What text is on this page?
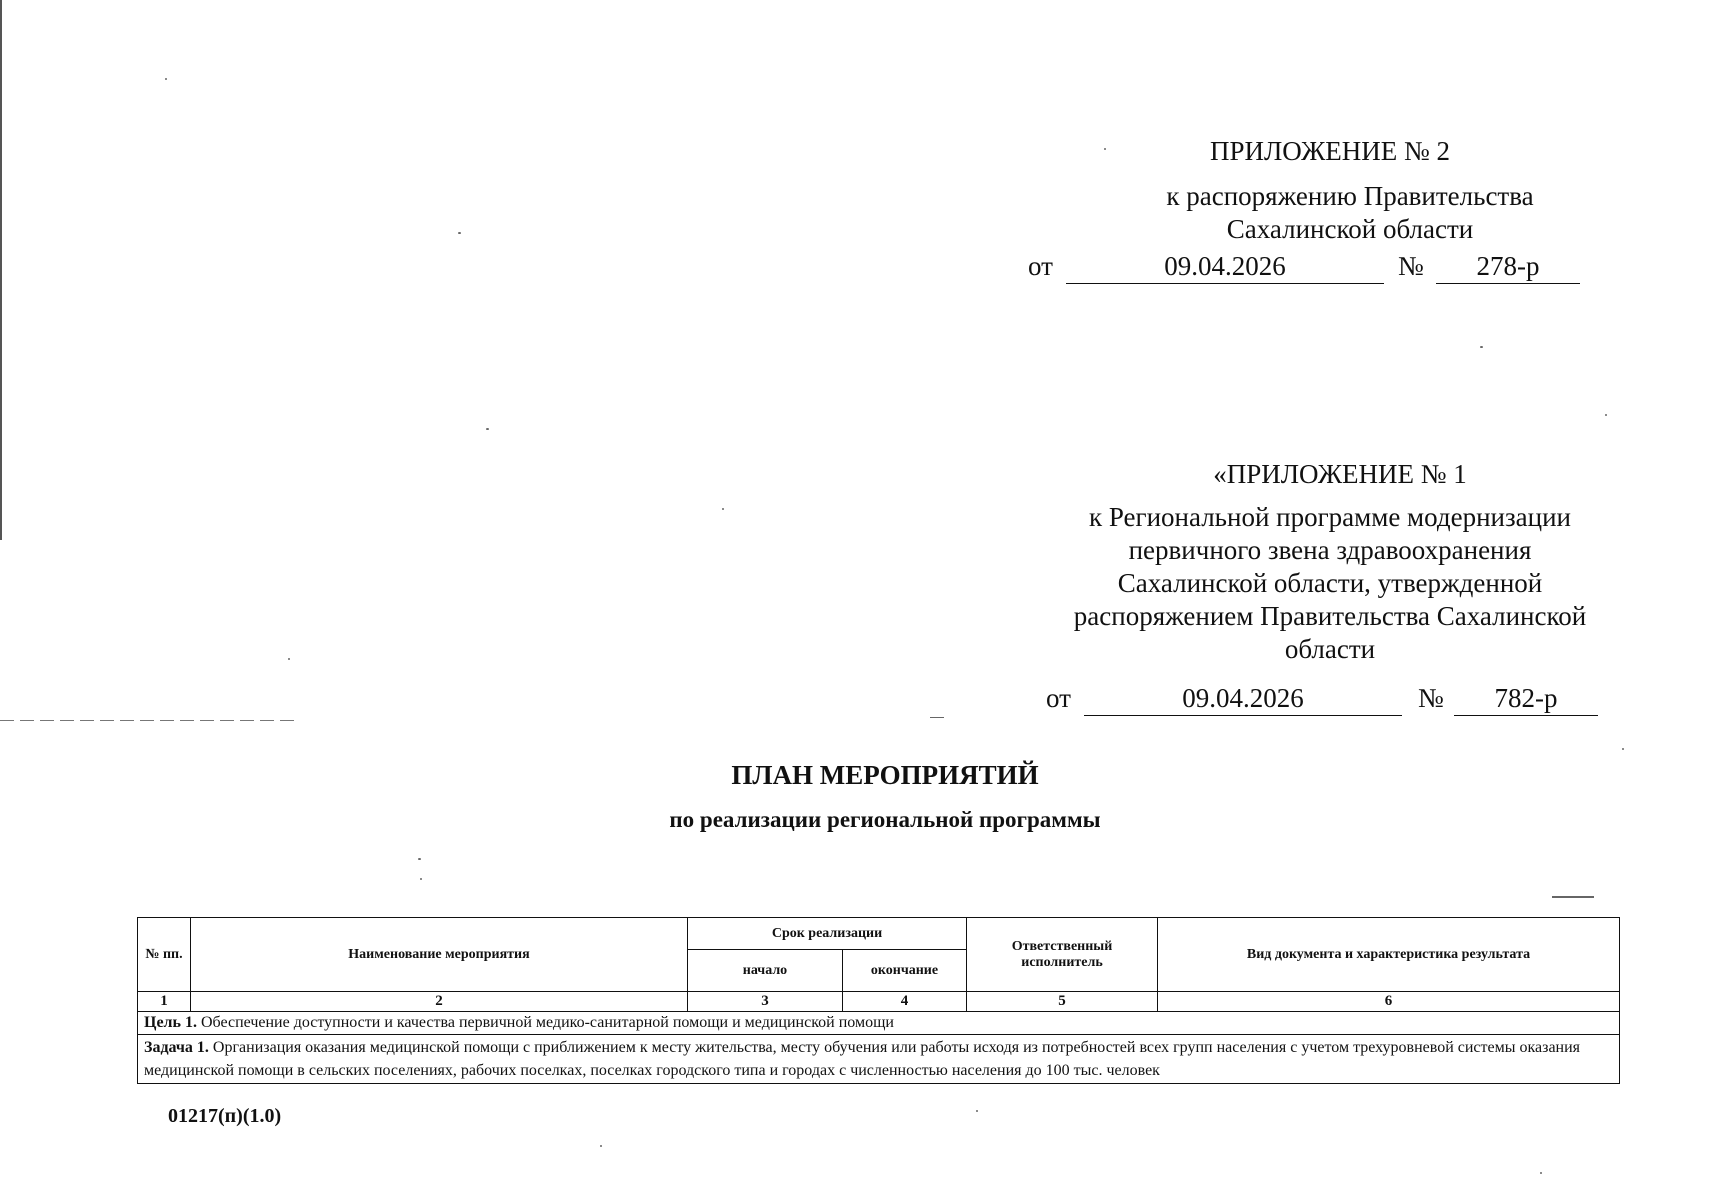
ПРИЛОЖЕНИЕ № 2
к распоряжению Правительства
Сахалинской области
от	09.04.2026	№	278-р
«ПРИЛОЖЕНИЕ № 1
к Региональной программе модернизации
первичного звена здравоохранения
Сахалинской области, утвержденной
распоряжением Правительства Сахалинской
области
от	09.04.2026	№	782-р
ПЛАН МЕРОПРИЯТИЙ
по реализации региональной программы
№ пп.	Наименование мероприятия	Срок реализации		Ответственный исполнитель	Вид документа и характеристика результата
		начало	окончание		
1	2	3	4	5	6
Цель 1. Обеспечение доступности и качества первичной медико-санитарной помощи и медицинской помощи					
Задача 1. Организация оказания медицинской помощи с приближением к месту жительства, месту обучения или работы исходя из потребностей всех групп населения с учетом трехуровневой системы оказания медицинской помощи в сельских поселениях, рабочих поселках, поселках городского типа и городах с численностью населения до 100 тыс. человек					
01217(п)(1.0)
